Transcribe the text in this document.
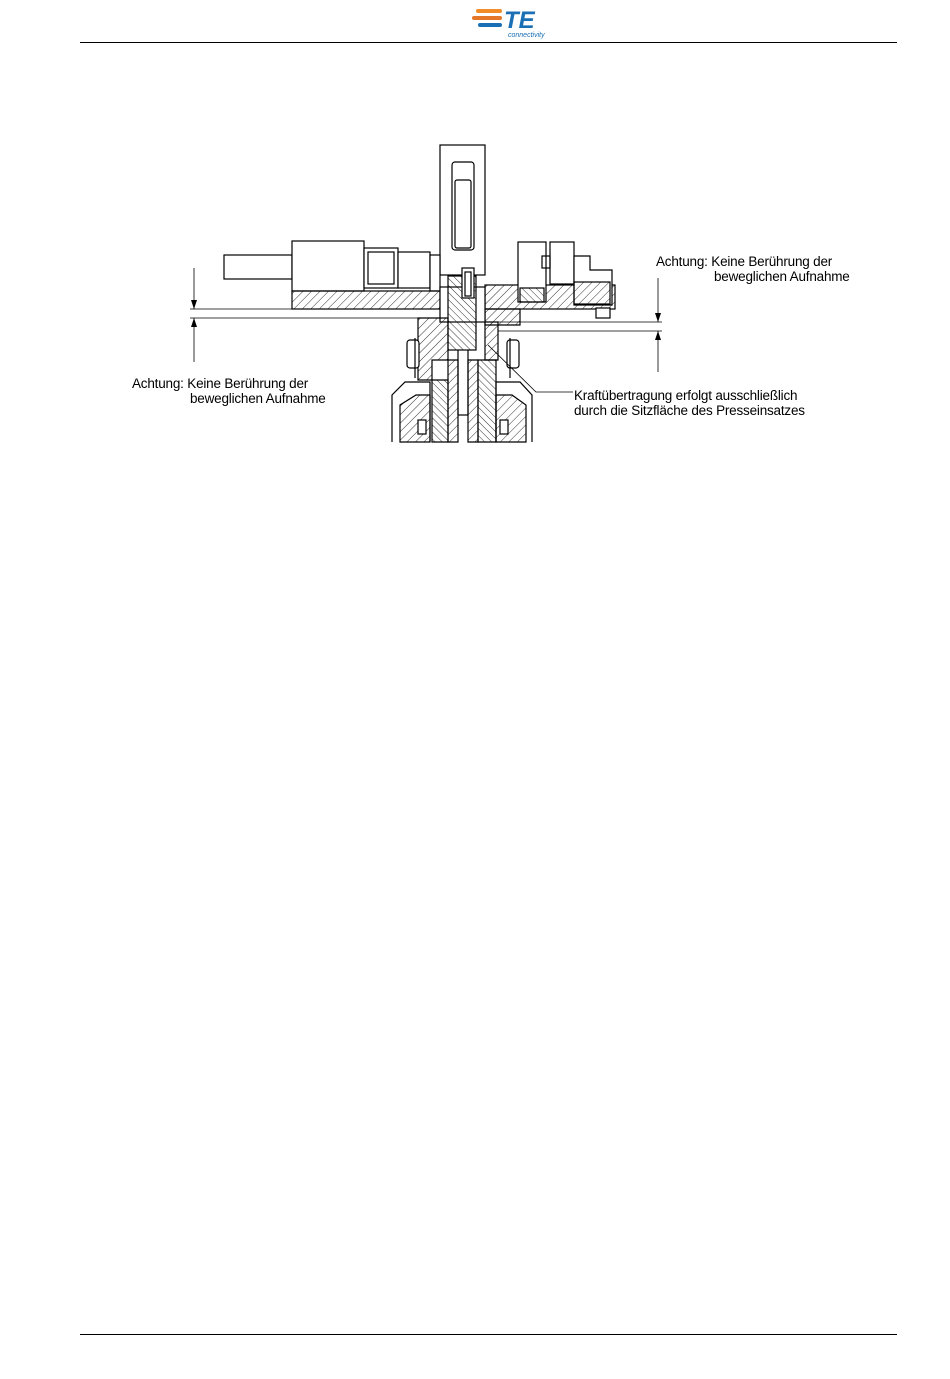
TE
connectivity
Achtung: Keine Berührung der
beweglichen Aufnahme
Achtung: Keine Berührung der
beweglichen Aufnahme	Kraftübertragung erfolgt ausschließlich
durch die Sitzfläche des Presseinsatzes
